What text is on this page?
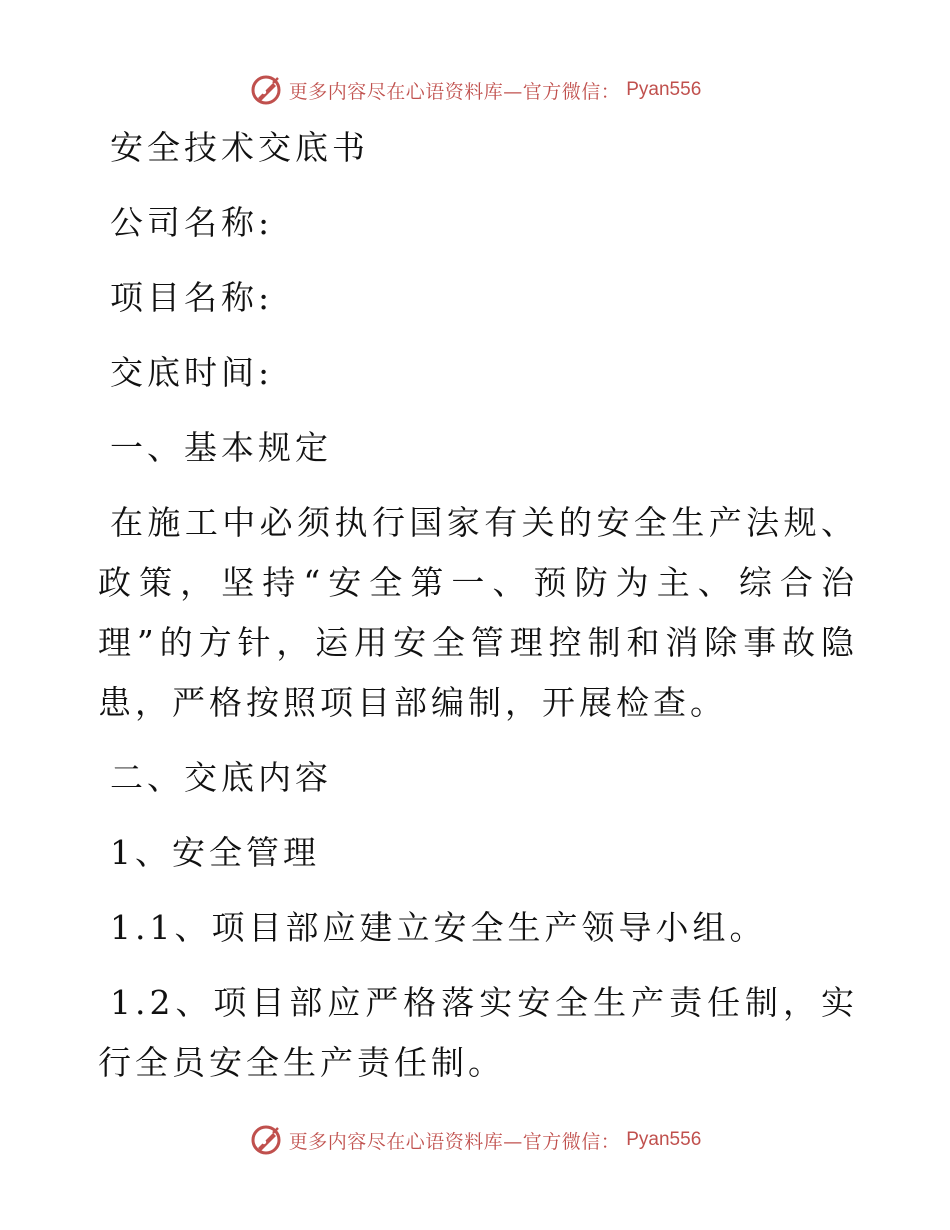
更多内容尽在心语资料库—官方微信： Pyan556
安全技术交底书
公司名称:
项目名称:
交底时间:
一、基本规定
在施工中必须执行国家有关的安全生产法规、政策，坚持“安全第一、预防为主、综合治理”的方针，运用安全管理控制和消除事故隐患，严格按照项目部编制，开展检查。
二、交底内容
1、安全管理
1.1、项目部应建立安全生产领导小组。
1.2、项目部应严格落实安全生产责任制，实行全员安全生产责任制。
更多内容尽在心语资料库—官方微信： Pyan556
